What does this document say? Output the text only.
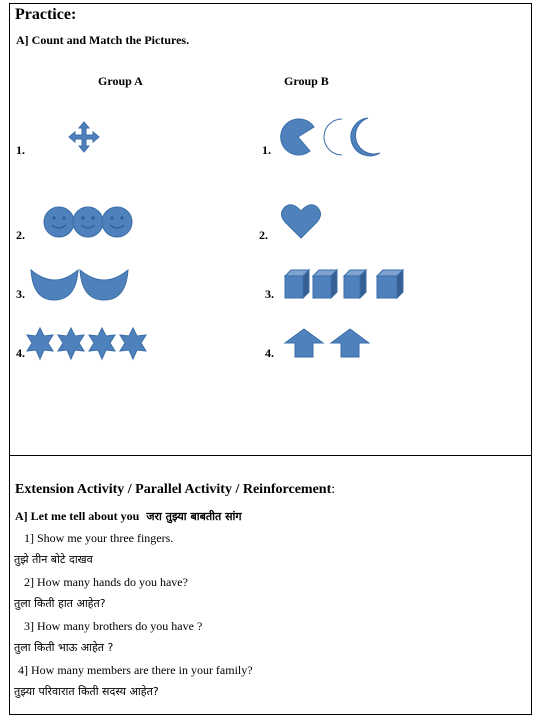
Practice:
A] Count and Match the Pictures.
Group A	Group B
1.
2.
3.
4.
1.
2.
3.
4.
Extension Activity / Parallel Activity / Reinforcement:
A] Let me tell about you जरा तुझ्या बाबतीत सांग
1] Show me your three fingers.
तुझे तीन बोटे दाखव
2] How many hands do you have?
तुला किती हात आहेत?
3] How many brothers do you have ?
तुला किती भाऊ आहेत ?
4] How many members are there in your family?
तुझ्या परिवारात किती सदस्य आहेत?
